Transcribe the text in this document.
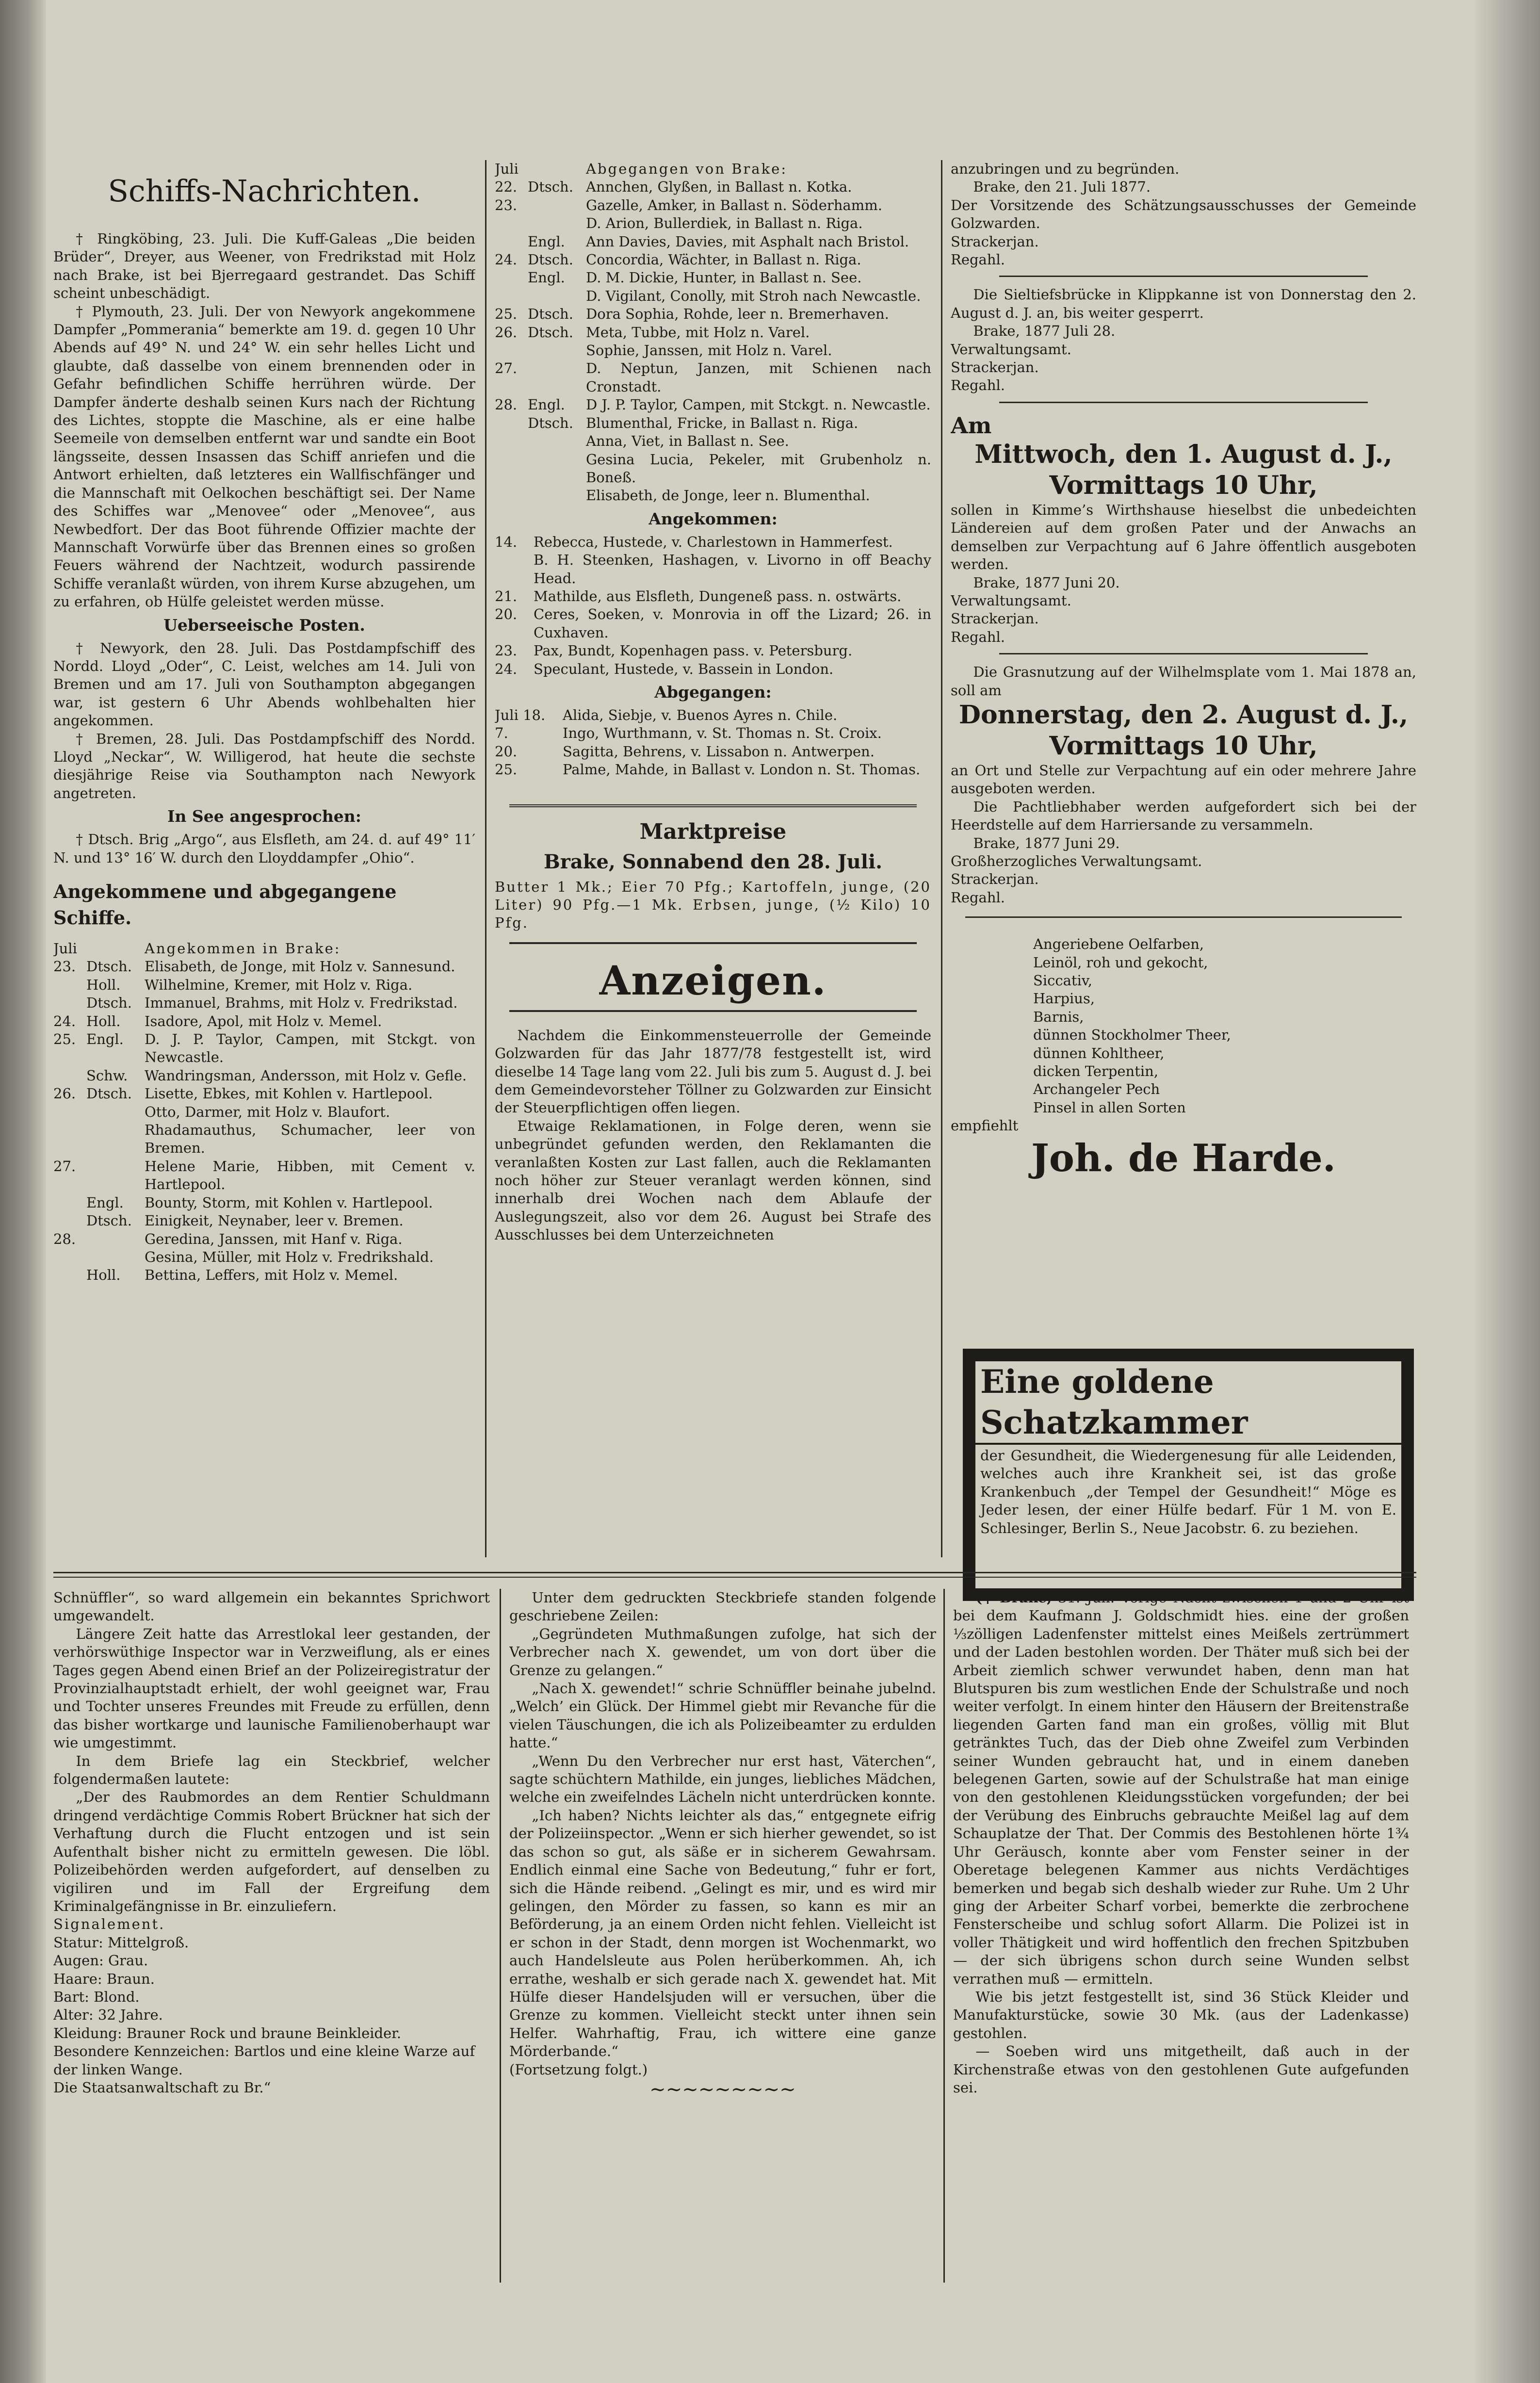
Schiffs-Nachrichten.

† Ringköbing, 23. Juli. Die Kuff-Galeas „Die beiden Brüder“, Dreyer, aus Weener, von Fredrikstad mit Holz nach Brake, ist bei Bjerregaard gestrandet. Das Schiff scheint unbeschädigt.

† Plymouth, 23. Juli. Der von Newyork angekommene Dampfer „Pommerania“ bemerkte am 19. d. gegen 10 Uhr Abends auf 49° N. und 24° W. ein sehr helles Licht und glaubte, daß dasselbe von einem brennenden oder in Gefahr befindlichen Schiffe herrühren würde. Der Dampfer änderte deshalb seinen Kurs nach der Richtung des Lichtes, stoppte die Maschine, als er eine halbe Seemeile von demselben entfernt war und sandte ein Boot längsseite, dessen Insassen das Schiff anriefen und die Antwort erhielten, daß letzteres ein Wallfischfänger und die Mannschaft mit Oelkochen beschäftigt sei. Der Name des Schiffes war „Menovee“ oder „Menovee“, aus Newbedfort. Der das Boot führende Offizier machte der Mannschaft Vorwürfe über das Brennen eines so großen Feuers während der Nachtzeit, wodurch passirende Schiffe veranlaßt würden, von ihrem Kurse abzugehen, um zu erfahren, ob Hülfe geleistet werden müsse.

Ueberseeische Posten.

† Newyork, den 28. Juli. Das Postdampfschiff des Nordd. Lloyd „Oder“, C. Leist, welches am 14. Juli von Bremen und am 17. Juli von Southampton abgegangen war, ist gestern 6 Uhr Abends wohlbehalten hier angekommen.

† Bremen, 28. Juli. Das Postdampfschiff des Nordd. Lloyd „Neckar“, W. Willigerod, hat heute die sechste diesjährige Reise via Southampton nach Newyork angetreten.

In See angesprochen:

† Dtsch. Brig „Argo“, aus Elsfleth, am 24. d. auf 49° 11′ N. und 13° 16′ W. durch den Lloyddampfer „Ohio“.

Angekommene und abgegangene Schiffe.
Juli	Angekommen in Brake:
23. Dtsch. Elisabeth, de Jonge, mit Holz v. Sannesund.
Holl.	Wilhelmine, Kremer, mit Holz v. Riga.
Dtsch. Immanuel, Brahms, mit Holz v. Fredrikstad.
24. Holl.	Isadore, Apol, mit Holz v. Memel.
25. Engl.	D. J. P. Taylor, Campen, mit Stckgt. von Newcastle.
Schw.	Wandringsman, Andersson, mit Holz v. Gefle.
26. Dtsch. Lisette, Ebkes, mit Kohlen v. Hartlepool.
Otto, Darmer, mit Holz v. Blaufort.
Rhadamauthus, Schumacher, leer von Bremen.
27.	Helene Marie, Hibben, mit Cement v. Hartlepool.
Engl.	Bounty, Storm, mit Kohlen v. Hartlepool.
Dtsch. Einigkeit, Neynaber, leer v. Bremen.
28.	Geredina, Janssen, mit Hanf v. Riga.
Gesina, Müller, mit Holz v. Fredrikshald.
Holl.	Bettina, Leffers, mit Holz v. Memel.
Juli	Abgegangen von Brake:
22. Dtsch. Annchen, Glyßen, in Ballast n. Kotka.
23.	Gazelle, Amker, in Ballast n. Söderhamm.
D. Arion, Bullerdiek, in Ballast n. Riga.
Engl.	Ann Davies, Davies, mit Asphalt nach Bristol.
24. Dtsch. Concordia, Wächter, in Ballast n. Riga.
Engl.	D. M. Dickie, Hunter, in Ballast n. See.
D. Vigilant, Conolly, mit Stroh nach Newcastle.
25. Dtsch. Dora Sophia, Rohde, leer n. Bremerhaven.
26. Dtsch. Meta, Tubbe, mit Holz n. Varel.
Sophie, Janssen, mit Holz n. Varel.
27.	D. Neptun, Janzen, mit Schienen nach Cronstadt.
28. Engl.	D J. P. Taylor, Campen, mit Stckgt. n. Newcastle.
Dtsch. Blumenthal, Fricke, in Ballast n. Riga.
Anna, Viet, in Ballast n. See.
Gesina Lucia, Pekeler, mit Grubenholz n. Boneß.
Elisabeth, de Jonge, leer n. Blumenthal.
Angekommen:
14.	Rebecca, Hustede, v. Charlestown in Hammerfest.
B. H. Steenken, Hashagen, v. Livorno in off Beachy Head.
21.	Mathilde, aus Elsfleth, Dungeneß pass. n. ostwärts.
20.	Ceres, Soeken, v. Monrovia in off the Lizard; 26. in Cuxhaven.
23.	Pax, Bundt, Kopenhagen pass. v. Petersburg.
24.	Speculant, Hustede, v. Bassein in London.
Abgegangen:
Juli 18.	Alida, Siebje, v. Buenos Ayres n. Chile.
7.	Ingo, Wurthmann, v. St. Thomas n. St. Croix.
20.	Sagitta, Behrens, v. Lissabon n. Antwerpen.
25.	Palme, Mahde, in Ballast v. London n. St. Thomas.
Marktpreise
Brake, Sonnabend den 28. Juli.

Butter 1 Mk.; Eier 70 Pfg.; Kartoffeln, junge, (20 Liter) 90 Pfg.—1 Mk. Erbsen, junge, (½ Kilo) 10 Pfg.

Anzeigen.

Nachdem die Einkommensteuerrolle der Gemeinde Golzwarden für das Jahr 1877/78 festgestellt ist, wird dieselbe 14 Tage lang vom 22. Juli bis zum 5. August d. J. bei dem Gemeindevorsteher Töllner zu Golzwarden zur Einsicht der Steuerpflichtigen offen liegen.

Etwaige Reklamationen, in Folge deren, wenn sie unbegründet gefunden werden, den Reklamanten die veranlaßten Kosten zur Last fallen, auch die Reklamanten noch höher zur Steuer veranlagt werden können, sind innerhalb drei Wochen nach dem Ablaufe der Auslegungszeit, also vor dem 26. August bei Strafe des Ausschlusses bei dem Unterzeichneten

anzubringen und zu begründen.

Brake, den 21. Juli 1877.

Der Vorsitzende des Schätzungsausschusses der Gemeinde Golzwarden.

Strackerjan.

Regahl.

Die Sieltiefsbrücke in Klippkanne ist von Donnerstag den 2. August d. J. an, bis weiter gesperrt.

Brake, 1877 Juli 28.

Verwaltungsamt.

Strackerjan.

Regahl.

Am

Mittwoch, den 1. August d. J.,
Vormittags 10 Uhr,

sollen in Kimme’s Wirthshause hieselbst die unbedeichten Ländereien auf dem großen Pater und der Anwachs an demselben zur Verpachtung auf 6 Jahre öffentlich ausgeboten werden.

Brake, 1877 Juni 20.

Verwaltungsamt.

Strackerjan.

Regahl.

Die Grasnutzung auf der Wilhelmsplate vom 1. Mai 1878 an, soll am

Donnerstag, den 2. August d. J.,
Vormittags 10 Uhr,

an Ort und Stelle zur Verpachtung auf ein oder mehrere Jahre ausgeboten werden.

Die Pachtliebhaber werden aufgefordert sich bei der Heerdstelle auf dem Harriersande zu versammeln.

Brake, 1877 Juni 29.

Großherzogliches Verwaltungsamt.

Strackerjan.

Regahl.

Angeriebene Oelfarben,
Leinöl, roh und gekocht,
Siccativ,
Harpius,
Barnis,
dünnen Stockholmer Theer,
dünnen Kohltheer,
dicken Terpentin,
Archangeler Pech
Pinsel in allen Sorten

empfiehlt

Joh. de Harde.
Eine goldene Schatzkammer
der Gesundheit, die Wiedergenesung für alle Leidenden, welches auch ihre Krankheit sei, ist das große Krankenbuch „der Tempel der Gesundheit!“ Möge es Jeder lesen, der einer Hülfe bedarf. Für 1 M. von E. Schlesinger, Berlin S., Neue Jacobstr. 6. zu beziehen.

Schnüffler“, so ward allgemein ein bekanntes Sprichwort umgewandelt.

Längere Zeit hatte das Arrestlokal leer gestanden, der verhörswüthige Inspector war in Verzweiflung, als er eines Tages gegen Abend einen Brief an der Polizeiregistratur der Provinzialhauptstadt erhielt, der wohl geeignet war, Frau und Tochter unseres Freundes mit Freude zu erfüllen, denn das bisher wortkarge und launische Familienoberhaupt war wie umgestimmt.

In dem Briefe lag ein Steckbrief, welcher folgendermaßen lautete:

„Der des Raubmordes an dem Rentier Schuldmann dringend verdächtige Commis Robert Brückner hat sich der Verhaftung durch die Flucht entzogen und ist sein Aufenthalt bisher nicht zu ermitteln gewesen. Die löbl. Polizeibehörden werden aufgefordert, auf denselben zu vigiliren und im Fall der Ergreifung dem Kriminalgefängnisse in Br. einzuliefern.

Signalement.

Statur: Mittelgroß.
Augen: Grau.
Haare: Braun.
Bart: Blond.
Alter: 32 Jahre.
Kleidung: Brauner Rock und braune Beinkleider.
Besondere Kennzeichen: Bartlos und eine kleine Warze auf der linken Wange.

Die Staatsanwaltschaft zu Br.“

Unter dem gedruckten Steckbriefe standen folgende geschriebene Zeilen:

„Gegründeten Muthmaßungen zufolge, hat sich der Verbrecher nach X. gewendet, um von dort über die Grenze zu gelangen.“

„Nach X. gewendet!“ schrie Schnüffler beinahe jubelnd. „Welch’ ein Glück. Der Himmel giebt mir Revanche für die vielen Täuschungen, die ich als Polizeibeamter zu erdulden hatte.“

„Wenn Du den Verbrecher nur erst hast, Väterchen“, sagte schüchtern Mathilde, ein junges, liebliches Mädchen, welche ein zweifelndes Lächeln nicht unterdrücken konnte.

„Ich haben? Nichts leichter als das,“ entgegnete eifrig der Polizeiinspector. „Wenn er sich hierher gewendet, so ist das schon so gut, als säße er in sicherem Gewahrsam. Endlich einmal eine Sache von Bedeutung,“ fuhr er fort, sich die Hände reibend. „Gelingt es mir, und es wird mir gelingen, den Mörder zu fassen, so kann es mir an Beförderung, ja an einem Orden nicht fehlen. Vielleicht ist er schon in der Stadt, denn morgen ist Wochenmarkt, wo auch Handelsleute aus Polen herüberkommen. Ah, ich errathe, weshalb er sich gerade nach X. gewendet hat. Mit Hülfe dieser Handelsjuden will er versuchen, über die Grenze zu kommen. Vielleicht steckt unter ihnen sein Helfer. Wahrhaftig, Frau, ich wittere eine ganze Mörderbande.“

(Fortsetzung folgt.)

∼∼∼∼∼∼∼∼∼

(† Brake, 31. Juli. Vorige Nacht zwischen 1 und 2 Uhr ist bei dem Kaufmann J. Goldschmidt hies. eine der großen ⅓zölligen Ladenfenster mittelst eines Meißels zertrümmert und der Laden bestohlen worden. Der Thäter muß sich bei der Arbeit ziemlich schwer verwundet haben, denn man hat Blutspuren bis zum westlichen Ende der Schulstraße und noch weiter verfolgt. In einem hinter den Häusern der Breitenstraße liegenden Garten fand man ein großes, völlig mit Blut getränktes Tuch, das der Dieb ohne Zweifel zum Verbinden seiner Wunden gebraucht hat, und in einem daneben belegenen Garten, sowie auf der Schulstraße hat man einige von den gestohlenen Kleidungsstücken vorgefunden; der bei der Verübung des Einbruchs gebrauchte Meißel lag auf dem Schauplatze der That. Der Commis des Bestohlenen hörte 1¾ Uhr Geräusch, konnte aber vom Fenster seiner in der Oberetage belegenen Kammer aus nichts Verdächtiges bemerken und begab sich deshalb wieder zur Ruhe. Um 2 Uhr ging der Arbeiter Scharf vorbei, bemerkte die zerbrochene Fensterscheibe und schlug sofort Allarm. Die Polizei ist in voller Thätigkeit und wird hoffentlich den frechen Spitzbuben — der sich übrigens schon durch seine Wunden selbst verrathen muß — ermitteln.

Wie bis jetzt festgestellt ist, sind 36 Stück Kleider und Manufakturstücke, sowie 30 Mk. (aus der Ladenkasse) gestohlen.

— Soeben wird uns mitgetheilt, daß auch in der Kirchenstraße etwas von den gestohlenen Gute aufgefunden sei.
